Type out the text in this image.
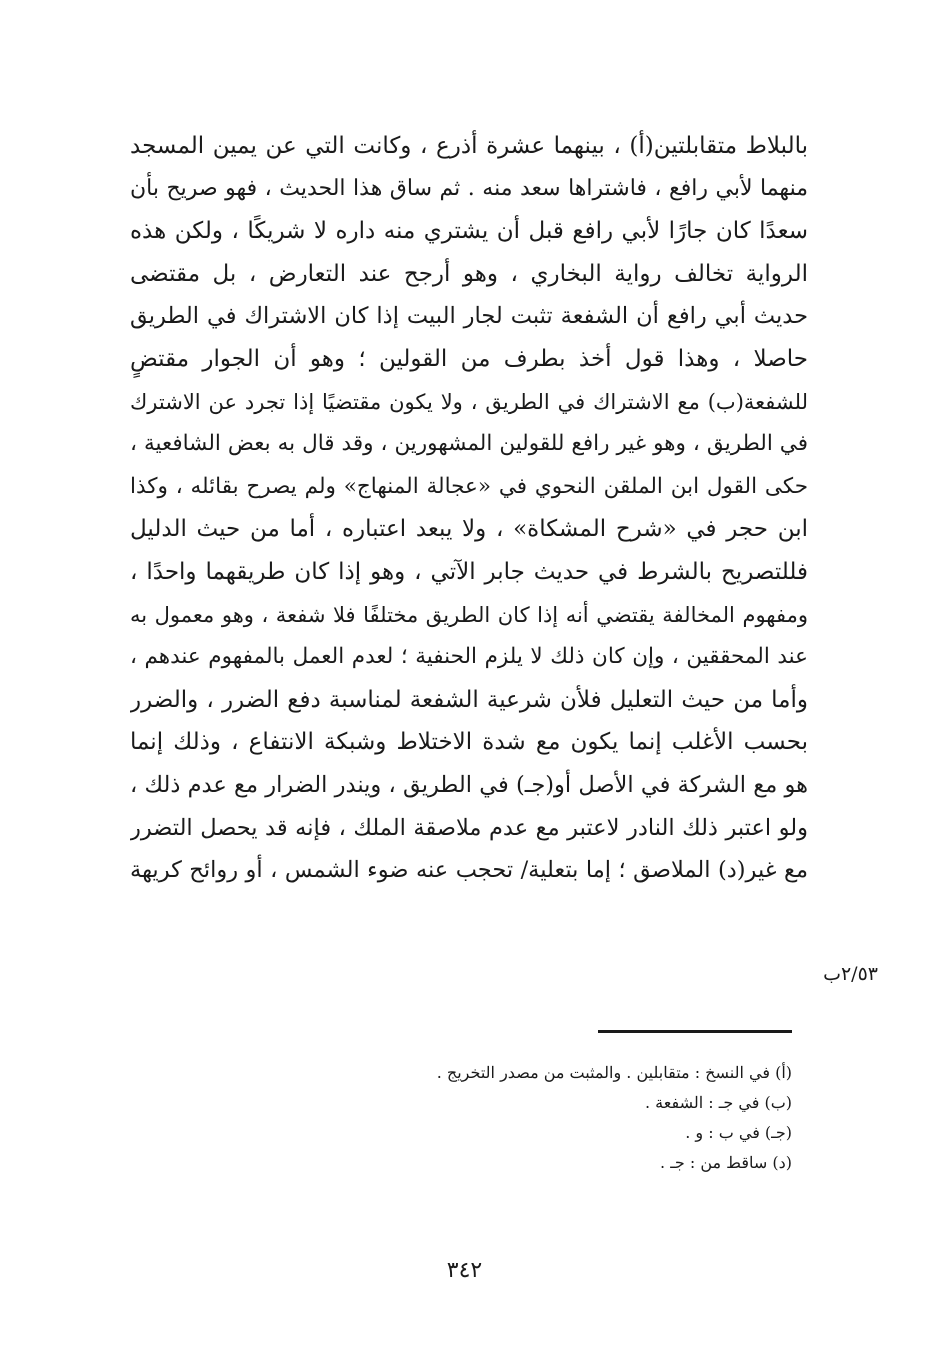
بالبلاط متقابلتين(أ) ، بينهما عشرة أذرع ، وكانت التي عن يمين المسجد
منهما لأبي رافع ، فاشتراها سعد منه . ثم ساق هذا الحديث ، فهو صريح بأن
سعدًا كان جارًا لأبي رافع قبل أن يشتري منه داره لا شريكًا ، ولكن هذه
الرواية تخالف رواية البخاري ، وهو أرجح عند التعارض ، بل مقتضى
حديث أبي رافع أن الشفعة تثبت لجار البيت إذا كان الاشتراك في الطريق
حاصلا ، وهذا قول أخذ بطرف من القولين ؛ وهو أن الجوار مقتضٍ
للشفعة(ب) مع الاشتراك في الطريق ، ولا يكون مقتضيًا إذا تجرد عن الاشترك
في الطريق ، وهو غير رافع للقولين المشهورين ، وقد قال به بعض الشافعية ،
حكى القول ابن الملقن النحوي في «عجالة المنهاج» ولم يصرح بقائله ، وكذا
ابن حجر في «شرح المشكاة» ، ولا يبعد اعتباره ، أما من حيث الدليل
فللتصريح بالشرط في حديث جابر الآتي ، وهو إذا كان طريقهما واحدًا ،
ومفهوم المخالفة يقتضي أنه إذا كان الطريق مختلفًا فلا شفعة ، وهو معمول به
عند المحققين ، وإن كان ذلك لا يلزم الحنفية ؛ لعدم العمل بالمفهوم عندهم ،
وأما من حيث التعليل فلأن شرعية الشفعة لمناسبة دفع الضرر ، والضرر
بحسب الأغلب إنما يكون مع شدة الاختلاط وشبكة الانتفاع ، وذلك إنما
هو مع الشركة في الأصل أو(جـ) في الطريق ، ويندر الضرار مع عدم ذلك ،
ولو اعتبر ذلك النادر لاعتبر مع عدم ملاصقة الملك ، فإنه قد يحصل التضرر
مع غير(د) الملاصق ؛ إما بتعلية/ تحجب عنه ضوء الشمس ، أو روائح كريهة
٢/٥٣ب
(أ) في النسخ : متقابلين . والمثبت من مصدر التخريج .
(ب) في جـ : الشفعة .
(جـ) في ب : و .
(د) ساقط من : جـ .
٣٤٢
